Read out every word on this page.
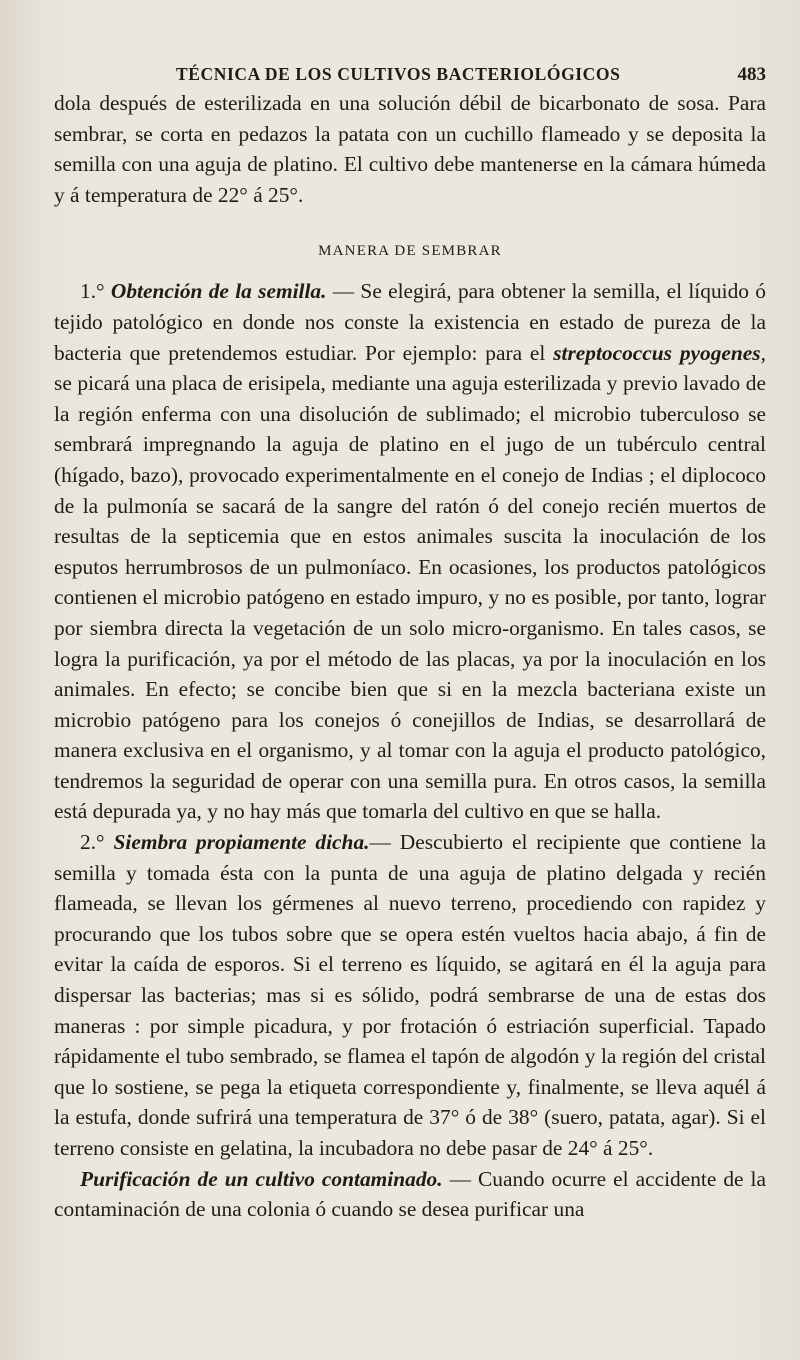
TÉCNICA DE LOS CULTIVOS BACTERIOLÓGICOS	483

dola después de esterilizada en una solución débil de bicarbonato de sosa. Para sembrar, se corta en pedazos la patata con un cuchillo flameado y se deposita la semilla con una aguja de platino. El cultivo debe mantenerse en la cámara húmeda y á temperatura de 22° á 25°.

MANERA DE SEMBRAR

1.° Obtención de la semilla. — Se elegirá, para obtener la semilla, el líquido ó tejido patológico en donde nos conste la existencia en estado de pureza de la bacteria que pretendemos estudiar. Por ejemplo: para el streptococcus pyogenes, se picará una placa de erisipela, mediante una aguja esterilizada y previo lavado de la región enferma con una disolución de sublimado; el microbio tuberculoso se sembrará impregnando la aguja de platino en el jugo de un tubérculo central (hígado, bazo), provocado experimentalmente en el conejo de Indias ; el diplococo de la pulmonía se sacará de la sangre del ratón ó del conejo recién muertos de resultas de la septicemia que en estos animales suscita la inoculación de los esputos herrumbrosos de un pulmoníaco. En ocasiones, los productos patológicos contienen el microbio patógeno en estado impuro, y no es posible, por tanto, lograr por siembra directa la vegetación de un solo micro-organismo. En tales casos, se logra la purificación, ya por el método de las placas, ya por la inoculación en los animales. En efecto; se concibe bien que si en la mezcla bacteriana existe un microbio patógeno para los conejos ó conejillos de Indias, se desarrollará de manera exclusiva en el organismo, y al tomar con la aguja el producto patológico, tendremos la seguridad de operar con una semilla pura. En otros casos, la semilla está depurada ya, y no hay más que tomarla del cultivo en que se halla.

2.° Siembra propiamente dicha.— Descubierto el recipiente que contiene la semilla y tomada ésta con la punta de una aguja de platino delgada y recién flameada, se llevan los gérmenes al nuevo terreno, procediendo con rapidez y procurando que los tubos sobre que se opera estén vueltos hacia abajo, á fin de evitar la caída de esporos. Si el terreno es líquido, se agitará en él la aguja para dispersar las bacterias; mas si es sólido, podrá sembrarse de una de estas dos maneras : por simple picadura, y por frotación ó estriación superficial. Tapado rápidamente el tubo sembrado, se flamea el tapón de algodón y la región del cristal que lo sostiene, se pega la etiqueta correspondiente y, finalmente, se lleva aquél á la estufa, donde sufrirá una temperatura de 37° ó de 38° (suero, patata, agar). Si el terreno consiste en gelatina, la incubadora no debe pasar de 24° á 25°.

Purificación de un cultivo contaminado. — Cuando ocurre el accidente de la contaminación de una colonia ó cuando se desea purificar una
